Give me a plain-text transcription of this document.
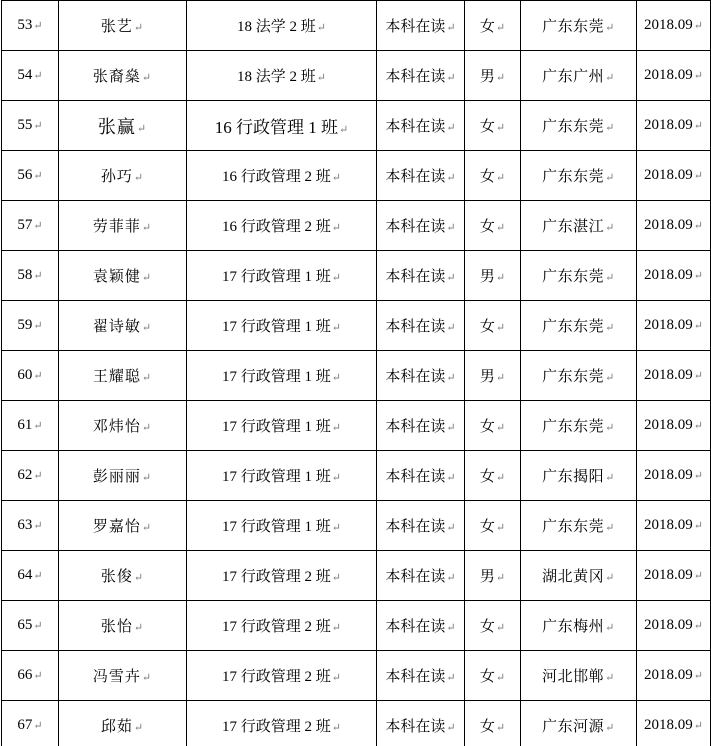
53↵	张艺↵	18 法学 2 班↵	本科在读↵	女↵	广东东莞↵	2018.09↵
54↵	张裔燊↵	18 法学 2 班↵	本科在读↵	男↵	广东广州↵	2018.09↵
55↵	张赢↵	16 行政管理 1 班↵	本科在读↵	女↵	广东东莞↵	2018.09↵
56↵	孙巧↵	16 行政管理 2 班↵	本科在读↵	女↵	广东东莞↵	2018.09↵
57↵	劳菲菲↵	16 行政管理 2 班↵	本科在读↵	女↵	广东湛江↵	2018.09↵
58↵	袁颖健↵	17 行政管理 1 班↵	本科在读↵	男↵	广东东莞↵	2018.09↵
59↵	翟诗敏↵	17 行政管理 1 班↵	本科在读↵	女↵	广东东莞↵	2018.09↵
60↵	王耀聪↵	17 行政管理 1 班↵	本科在读↵	男↵	广东东莞↵	2018.09↵
61↵	邓炜怡↵	17 行政管理 1 班↵	本科在读↵	女↵	广东东莞↵	2018.09↵
62↵	彭丽丽↵	17 行政管理 1 班↵	本科在读↵	女↵	广东揭阳↵	2018.09↵
63↵	罗嘉怡↵	17 行政管理 1 班↵	本科在读↵	女↵	广东东莞↵	2018.09↵
64↵	张俊↵	17 行政管理 2 班↵	本科在读↵	男↵	湖北黄冈↵	2018.09↵
65↵	张怡↵	17 行政管理 2 班↵	本科在读↵	女↵	广东梅州↵	2018.09↵
66↵	冯雪卉↵	17 行政管理 2 班↵	本科在读↵	女↵	河北邯郸↵	2018.09↵
67↵	邱茹↵	17 行政管理 2 班↵	本科在读↵	女↵	广东河源↵	2018.09↵
